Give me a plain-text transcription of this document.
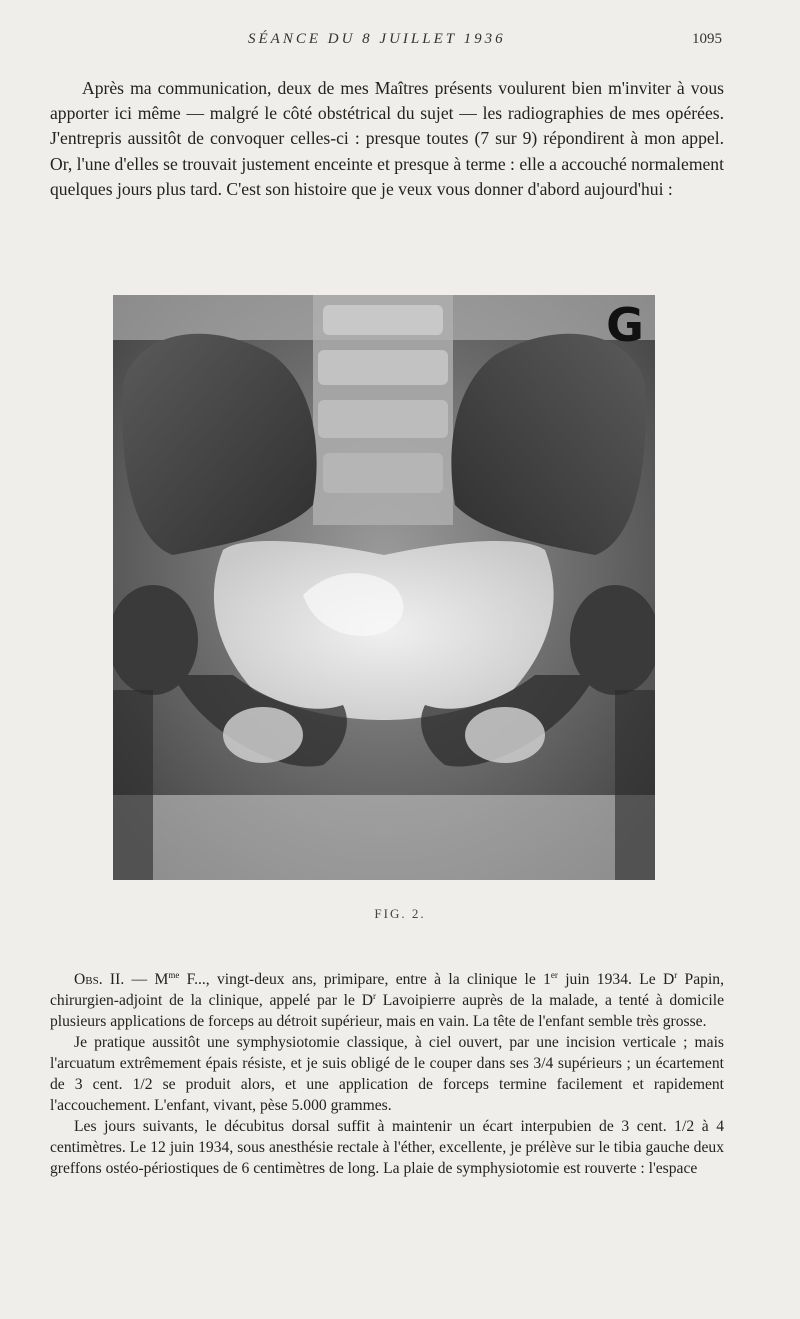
SÉANCE DU 8 JUILLET 1936	1095

Après ma communication, deux de mes Maîtres présents voulurent bien m'inviter à vous apporter ici même — malgré le côté obstétrical du sujet — les radiographies de mes opérées. J'entrepris aussitôt de convoquer celles-ci : presque toutes (7 sur 9) répondirent à mon appel. Or, l'une d'elles se trouvait justement enceinte et presque à terme : elle a accouché normalement quelques jours plus tard. C'est son histoire que je veux vous donner d'abord aujourd'hui :

G
FIG. 2.

Obs. II. — $M^{me}$ F..., vingt-deux ans, primipare, entre à la clinique le 1er juin 1934. Le $D^r$ Papin, chirurgien-adjoint de la clinique, appelé par le $D^r$ Lavoipierre auprès de la malade, a tenté à domicile plusieurs applications de forceps au détroit supérieur, mais en vain. La tête de l'enfant semble très grosse.

Je pratique aussitôt une symphysiotomie classique, à ciel ouvert, par une incision verticale ; mais l'arcuatum extrêmement épais résiste, et je suis obligé de le couper dans ses 3/4 supérieurs ; un écartement de 3 cent. 1/2 se produit alors, et une application de forceps termine facilement et rapidement l'accouchement. L'enfant, vivant, pèse 5.000 grammes.

Les jours suivants, le décubitus dorsal suffit à maintenir un écart interpubien de 3 cent. 1/2 à 4 centimètres. Le 12 juin 1934, sous anesthésie rectale à l'éther, excellente, je prélève sur le tibia gauche deux greffons ostéo-périostiques de 6 centimètres de long. La plaie de symphysiotomie est rouverte : l'espace
